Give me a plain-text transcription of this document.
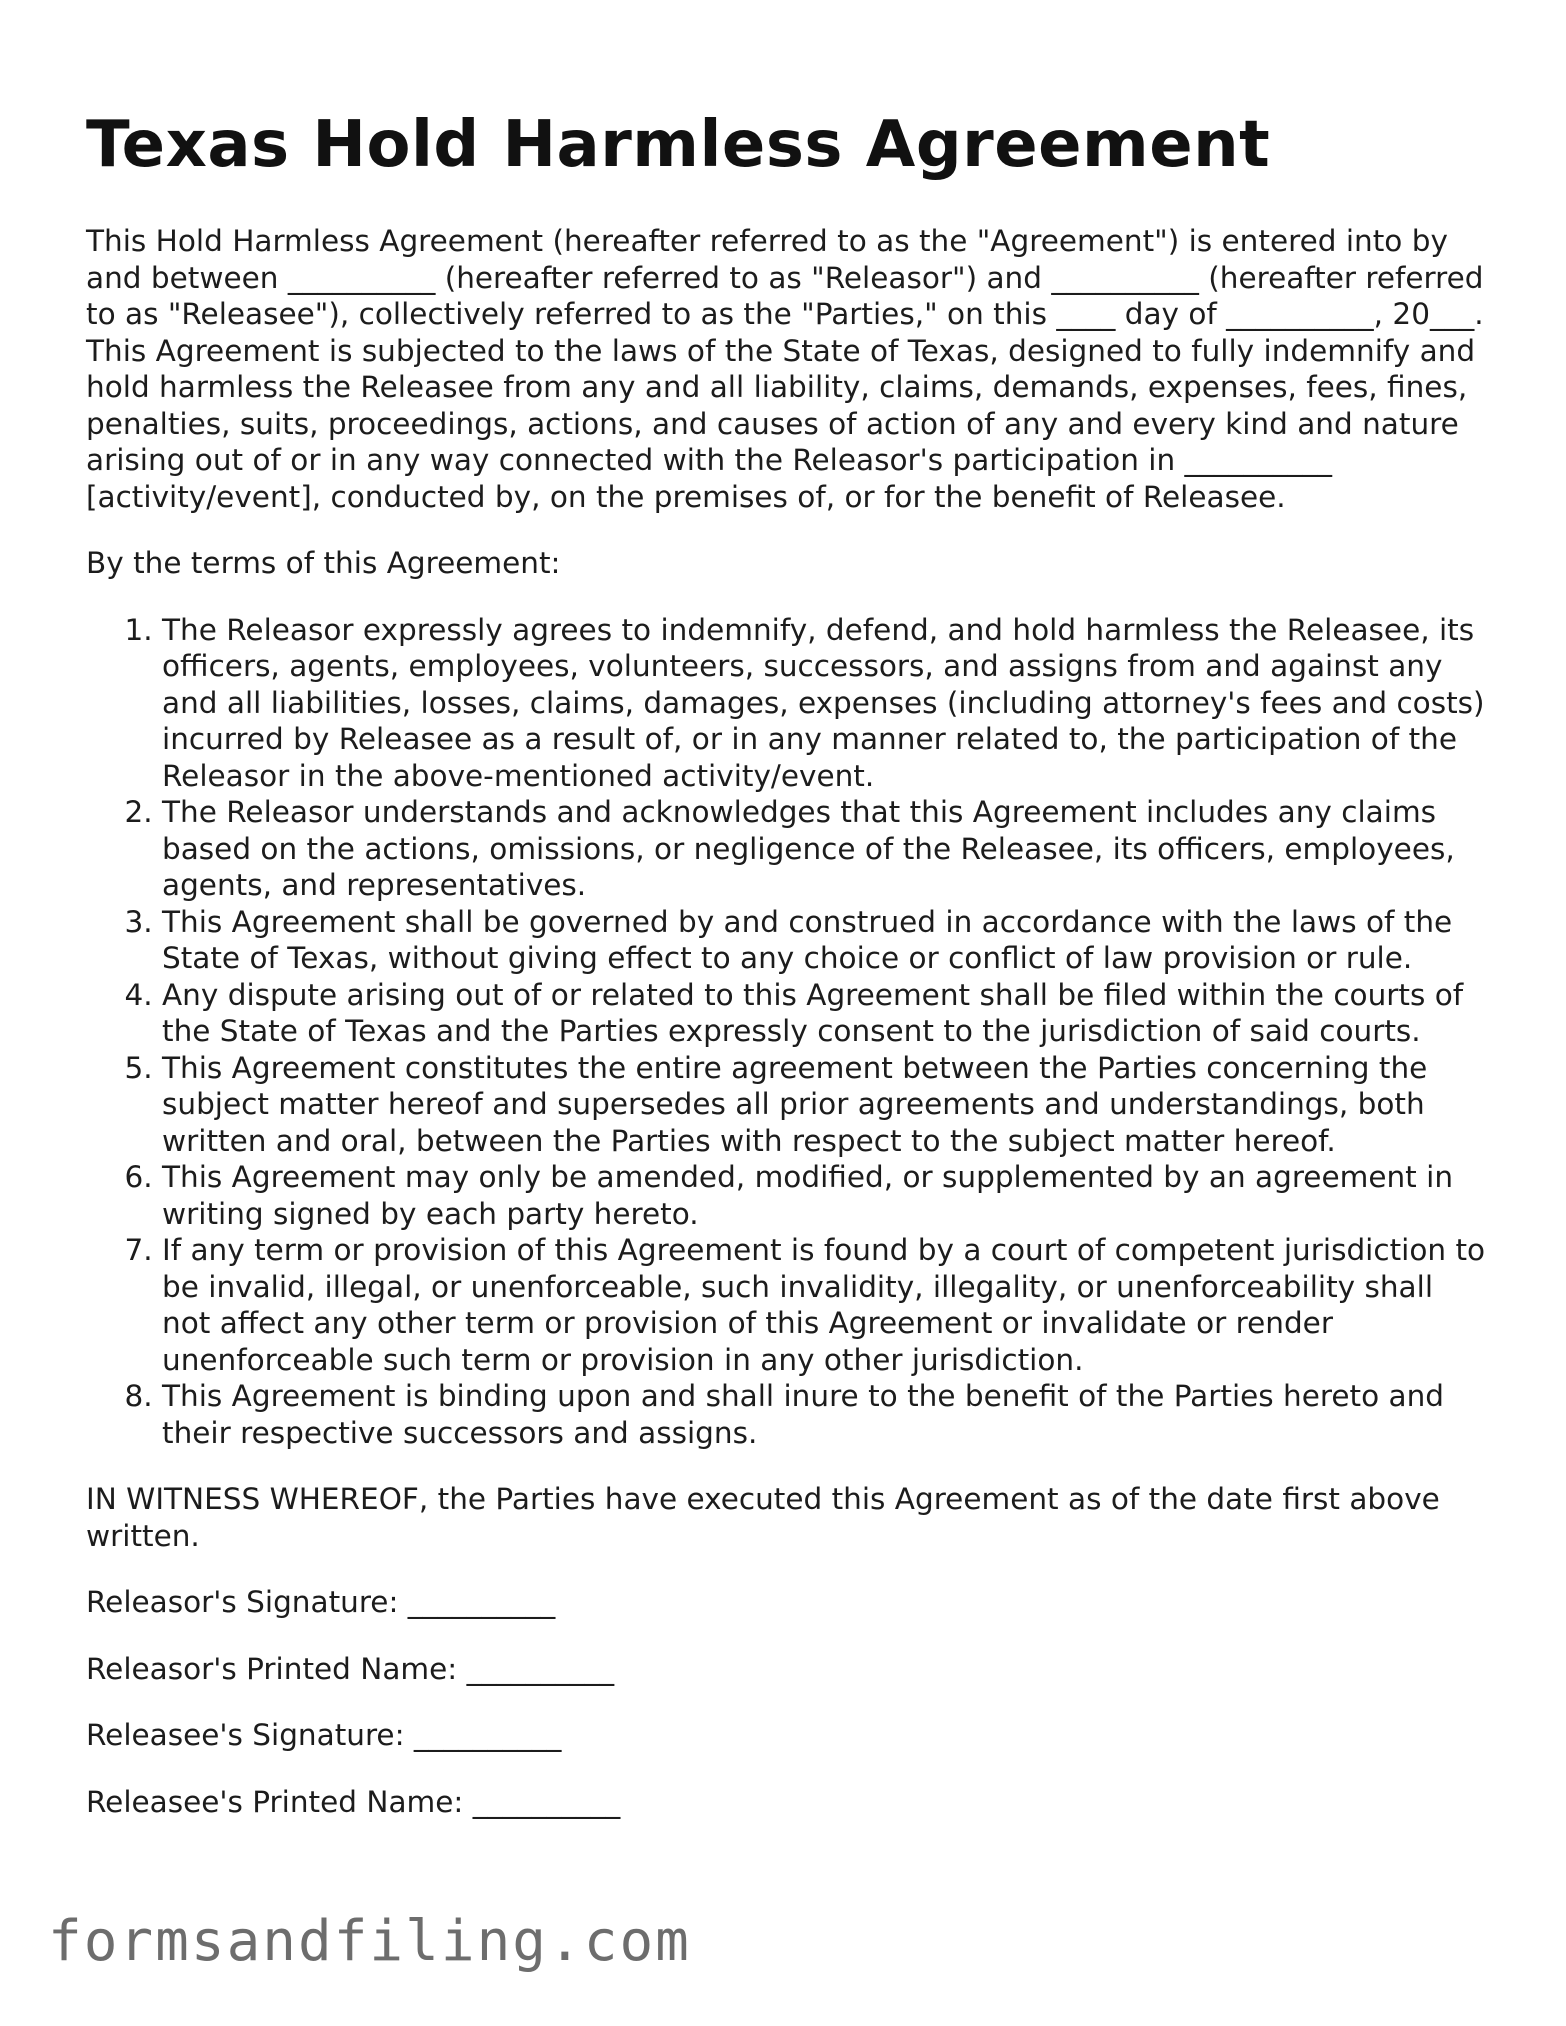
Texas Hold Harmless Agreement

This Hold Harmless Agreement (hereafter referred to as the "Agreement") is entered into by and between __________ (hereafter referred to as "Releasor") and __________ (hereafter referred to as "Releasee"), collectively referred to as the "Parties," on this ____ day of __________, 20___. This Agreement is subjected to the laws of the State of Texas, designed to fully indemnify and hold harmless the Releasee from any and all liability, claims, demands, expenses, fees, fines, penalties, suits, proceedings, actions, and causes of action of any and every kind and nature arising out of or in any way connected with the Releasor's participation in __________ [activity/event], conducted by, on the premises of, or for the benefit of Releasee.

By the terms of this Agreement:

1. The Releasor expressly agrees to indemnify, defend, and hold harmless the Releasee, its officers, agents, employees, volunteers, successors, and assigns from and against any and all liabilities, losses, claims, damages, expenses (including attorney's fees and costs) incurred by Releasee as a result of, or in any manner related to, the participation of the Releasor in the above-mentioned activity/event.
2. The Releasor understands and acknowledges that this Agreement includes any claims based on the actions, omissions, or negligence of the Releasee, its officers, employees, agents, and representatives.
3. This Agreement shall be governed by and construed in accordance with the laws of the State of Texas, without giving effect to any choice or conflict of law provision or rule.
4. Any dispute arising out of or related to this Agreement shall be filed within the courts of the State of Texas and the Parties expressly consent to the jurisdiction of said courts.
5. This Agreement constitutes the entire agreement between the Parties concerning the subject matter hereof and supersedes all prior agreements and understandings, both written and oral, between the Parties with respect to the subject matter hereof.
6. This Agreement may only be amended, modified, or supplemented by an agreement in writing signed by each party hereto.
7. If any term or provision of this Agreement is found by a court of competent jurisdiction to be invalid, illegal, or unenforceable, such invalidity, illegality, or unenforceability shall not affect any other term or provision of this Agreement or invalidate or render unenforceable such term or provision in any other jurisdiction.
8. This Agreement is binding upon and shall inure to the benefit of the Parties hereto and their respective successors and assigns.

IN WITNESS WHEREOF, the Parties have executed this Agreement as of the date first above written.

Releasor's Signature: __________

Releasor's Printed Name: __________

Releasee's Signature: __________

Releasee's Printed Name: __________

formsandfiling.com
